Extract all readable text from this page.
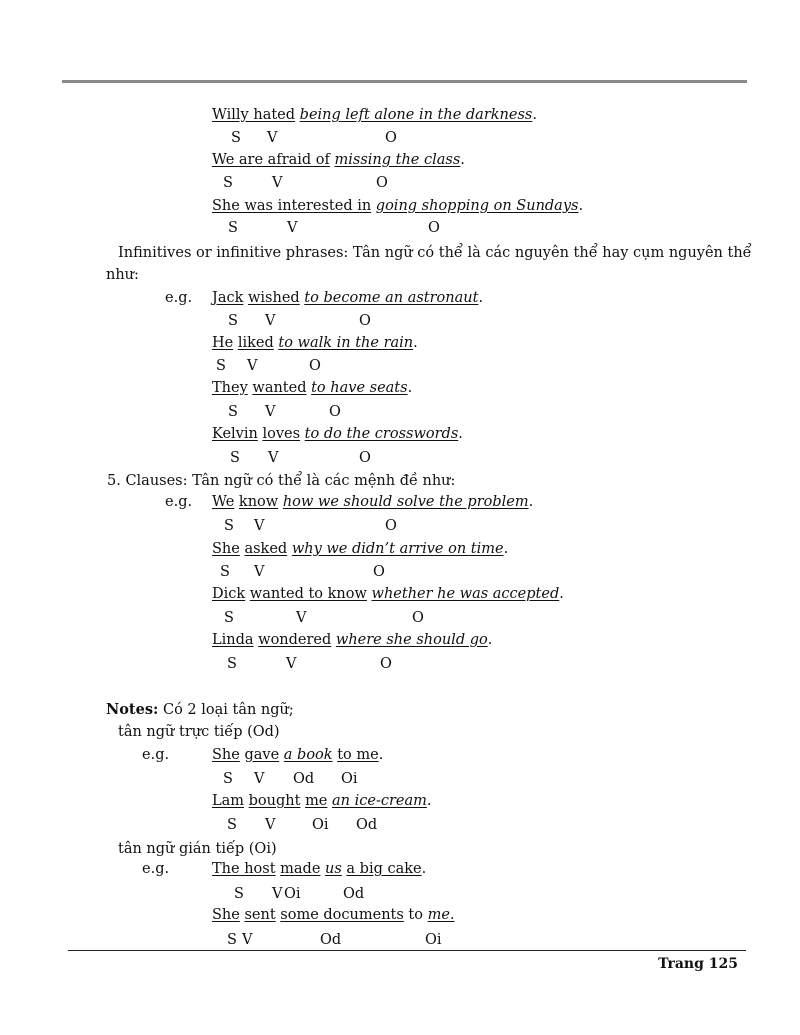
Willy hated being left alone in the darkness.
S V	O
We are afraid of missing the class.
S	V	O
She was interested in going shopping on Sundays.
S	V	O
Infinitives or infinitive phrases: Tân ngữ có thể là các nguyên thể hay cụm nguyên thể
như:
e.g. Jack wished to become an astronaut.
S V	O
He liked to walk in the rain.
S V	O
They wanted to have seats.
S V	O
Kelvin loves to do the crosswords.
S V	O
5. Clauses: Tân ngữ có thể là các mệnh đề như:
e.g. We know how we should solve the problem.
S V	O
She asked why we didn’t arrive on time.
S V	O
Dick wanted to know whether he was accepted.
S	V	O
Linda wondered where she should go.
S	V	O
Notes: Có 2 loại tân ngữ;
tân ngữ trực tiếp (Od)
e.g.	She gave a book to me.
S V Od Oi
Lam bought me an ice-cream.
S V	Oi Od
tân ngữ gián tiếp (Oi)
e.g.	The host made us a big cake.
S V Oi	Od
She sent some documents to me.
S V	Od	Oi
Trang 125
